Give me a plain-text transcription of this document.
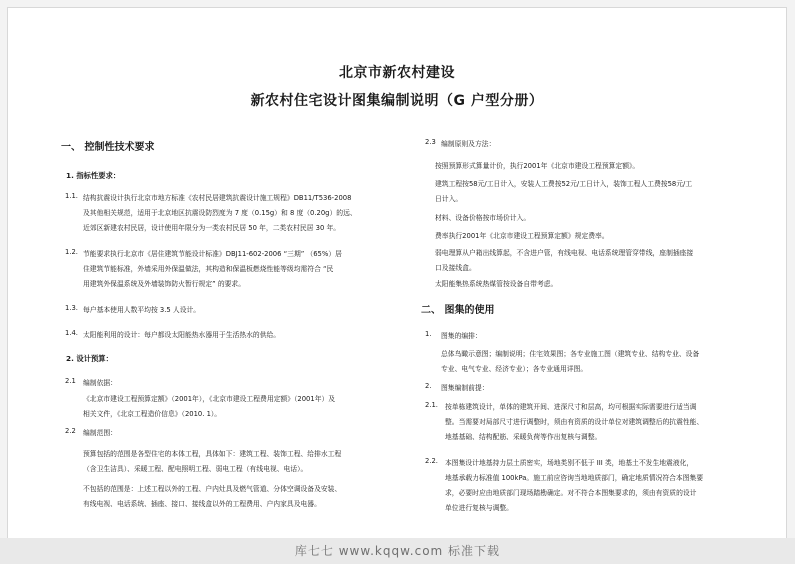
北京市新农村建设
新农村住宅设计图集编制说明（G 户型分册）
一、 控制性技术要求
1. 指标性要求：
1.1. 结构抗震设计执行北京市地方标准《农村民居建筑抗震设计施工规程》DB11/T536-2008
及其他相关规范，适用于北京地区抗震设防烈度为 7 度（0.15g）和 8 度（0.20g）的远、
近郊区新建农村民居，设计使用年限分为一类农村民居 50 年，二类农村民居 30 年。
1.2. 节能要求执行北京市《居住建筑节能设计标准》DBJ11-602-2006 “三期” （65%）居
住建筑节能标准，外墙采用外保温做法，其构造和保温板燃烧性能等级均需符合 “民
用建筑外保温系统及外墙装饰防火暂行规定” 的要求。
1.3. 每户基本使用人数平均按 3.5 人设计。
1.4. 太阳能利用的设计：每户都设太阳能热水器用于生活热水的供给。
2. 设计预算：
2.1 编制依据：
《北京市建设工程预算定额》（2001年），《北京市建设工程费用定额》（2001年）及
相关文件，《北京工程造价信息》（2010. 1）。
2.2 编制范围：
预算包括的范围是各型住宅的本体工程，具体如下：建筑工程、装饰工程、给排水工程
（含卫生洁具）、采暖工程、配电照明工程、弱电工程（有线电视、电话）。
不包括的范围是：上述工程以外的工程、户内灶具及燃气管道、分体空调设备及安装、
有线电视、电话系统、插座、接口、接线盒以外的工程费用、户内家具及电器。
2.3 编制原则及方法：
按照预算形式算量计价，执行2001年《北京市建设工程预算定额》。
建筑工程按58元/工日计入，安装人工费按52元/工日计入，装饰工程人工费按58元/工
日计入。
材料、设备价格按市场价计入。
费率执行2001年《北京市建设工程预算定额》规定费率。
弱电理算从户箱出线算起，不含进户管，有线电视、电话系统理管穿带线，座制插座接
口及接线盒。
太阳能集热系统热煤管按设备自带考虑。
二、 图集的使用
1. 图集的编排：
总体鸟瞰示意图；编制说明；住宅效果图；各专业施工图（建筑专业、结构专业、设备
专业、电气专业、经济专业）；各专业通用详图。
2. 图集编制前提：
2.1. 按单栋建筑设计，单体的建筑开间、进深尺寸和层高，均可根据实际需要进行适当调
整。当需要对局部尺寸进行调整时，须由有资质的设计单位对建筑调整后的抗震性能、
地基基础、结构配筋、采暖负荷等作出复核与调整。
2.2. 本图集设计地基持力层土质密实，场地类别不低于 III 类，地基土不发生地震液化，
地基承载力标准值 100kPa。施工前应咨询当地地质部门，确定地质情况符合本图集要
求，必要时应由地质部门现场踏勘确定。对不符合本图集要求的，须由有资质的设计
单位进行复核与调整。
库七七 www.kqqw.com 标准下载
